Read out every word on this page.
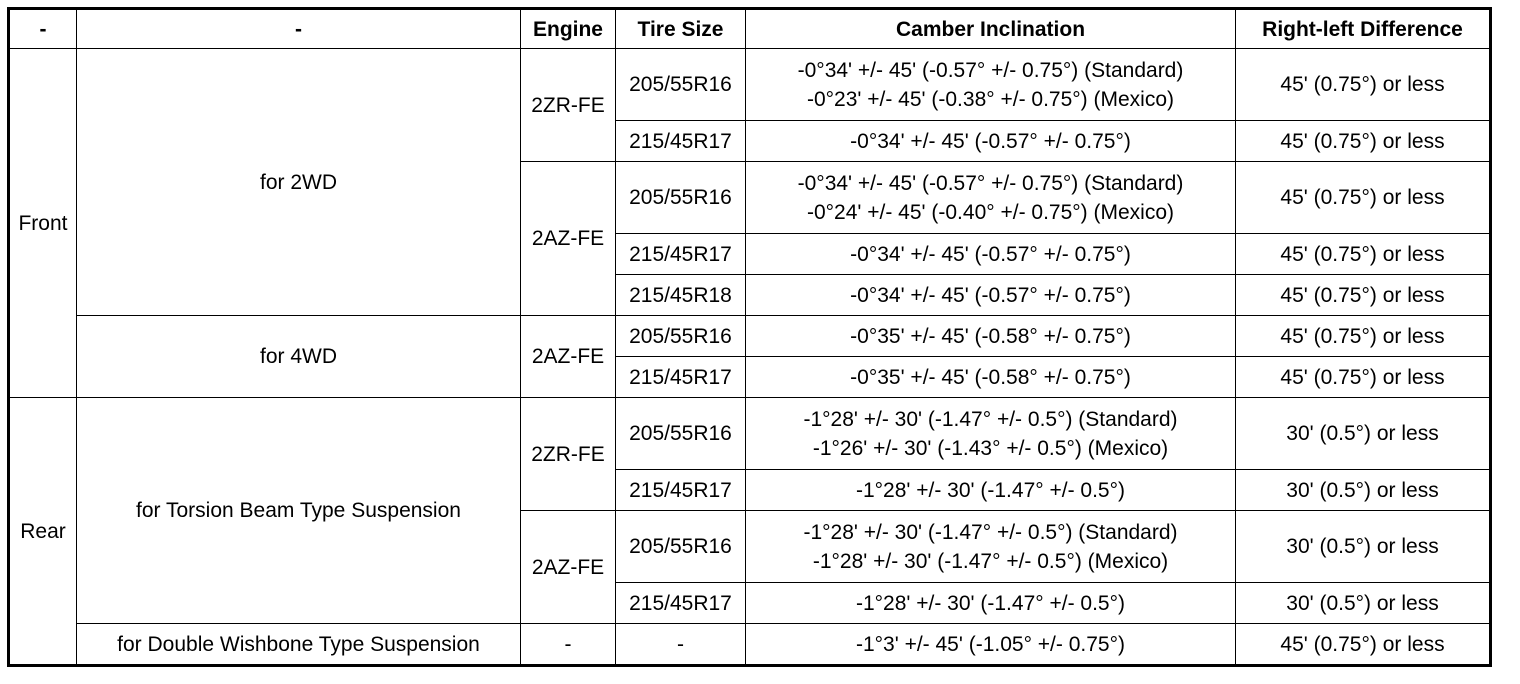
-	-	Engine	Tire Size	Camber Inclination	Right-left Difference
Front	for 2WD	2ZR-FE	205/55R16	-0°34' +/- 45' (-0.57° +/- 0.75°) (Standard)
-0°23' +/- 45' (-0.38° +/- 0.75°) (Mexico)	45' (0.75°) or less
			215/45R17	-0°34' +/- 45' (-0.57° +/- 0.75°)	45' (0.75°) or less
		2AZ-FE	205/55R16	-0°34' +/- 45' (-0.57° +/- 0.75°) (Standard)
-0°24' +/- 45' (-0.40° +/- 0.75°) (Mexico)	45' (0.75°) or less
			215/45R17	-0°34' +/- 45' (-0.57° +/- 0.75°)	45' (0.75°) or less
			215/45R18	-0°34' +/- 45' (-0.57° +/- 0.75°)	45' (0.75°) or less
	for 4WD	2AZ-FE	205/55R16	-0°35' +/- 45' (-0.58° +/- 0.75°)	45' (0.75°) or less
			215/45R17	-0°35' +/- 45' (-0.58° +/- 0.75°)	45' (0.75°) or less
Rear	for Torsion Beam Type Suspension	2ZR-FE	205/55R16	-1°28' +/- 30' (-1.47° +/- 0.5°) (Standard)
-1°26' +/- 30' (-1.43° +/- 0.5°) (Mexico)	30' (0.5°) or less
			215/45R17	-1°28' +/- 30' (-1.47° +/- 0.5°)	30' (0.5°) or less
		2AZ-FE	205/55R16	-1°28' +/- 30' (-1.47° +/- 0.5°) (Standard)
-1°28' +/- 30' (-1.47° +/- 0.5°) (Mexico)	30' (0.5°) or less
			215/45R17	-1°28' +/- 30' (-1.47° +/- 0.5°)	30' (0.5°) or less
	for Double Wishbone Type Suspension	-	-	-1°3' +/- 45' (-1.05° +/- 0.75°)	45' (0.75°) or less
